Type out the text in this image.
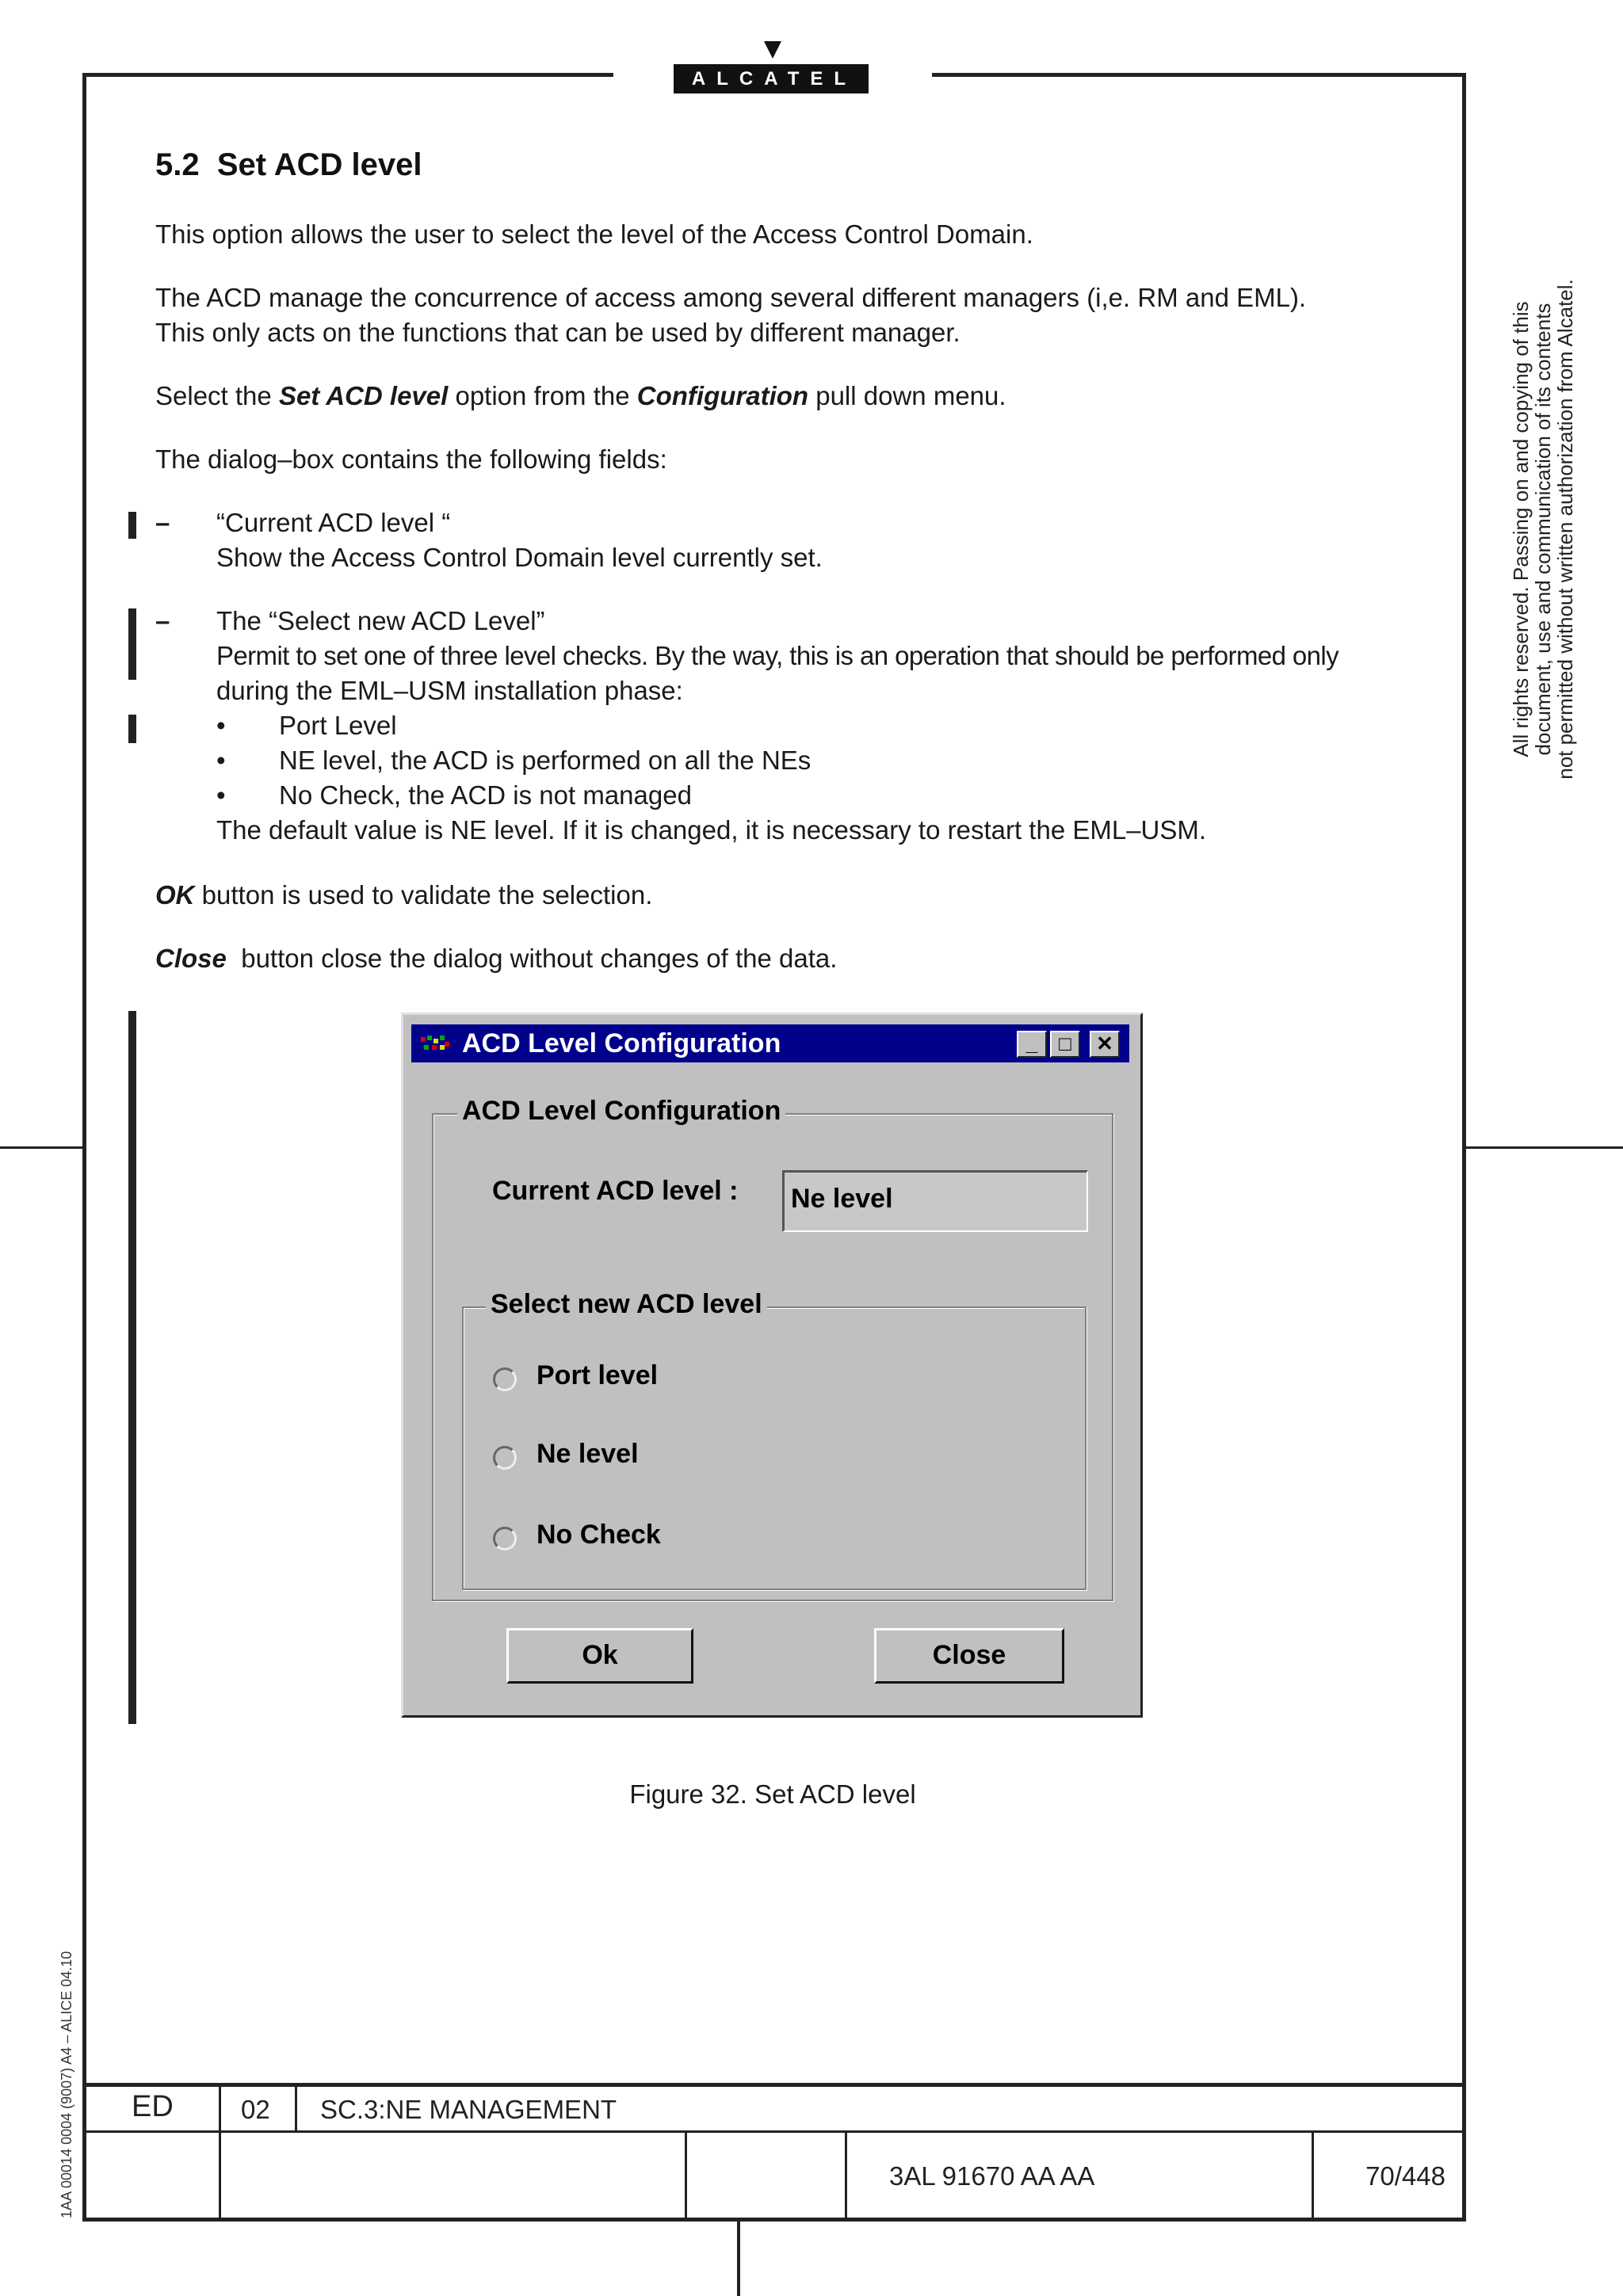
ALCATEL
All rights reserved. Passing on and copying of this
document, use and communication of its contents
not permitted without written authorization from Alcatel.
1AA 00014 0004 (9007) A4 – ALICE 04.10
5.2 Set ACD level
This option allows the user to select the level of the Access Control Domain.
The ACD manage the concurrence of access among several different managers (i,e. RM and EML).
This only acts on the functions that can be used by different manager.
Select the Set ACD level option from the Configuration pull down menu.
The dialog–box contains the following fields:
– “Current ACD level “
Show the Access Control Domain level currently set.
– The “Select new ACD Level”
Permit to set one of three level checks. By the way, this is an operation that should be performed only
during the EML–USM installation phase:
• Port Level
• NE level, the ACD is performed on all the NEs
• No Check, the ACD is not managed
The default value is NE level. If it is changed, it is necessary to restart the EML–USM.
OK button is used to validate the selection.
Close  button close the dialog without changes of the data.
ACD Level Configuration	_	□	✕
ACD Level Configuration
Current ACD level :	Ne level
Select new ACD level
Port level
Ne level
No Check
Ok	Close
Figure 32. Set ACD level
ED	02 SC.3:NE MANAGEMENT
3AL 91670 AA AA	70/448
